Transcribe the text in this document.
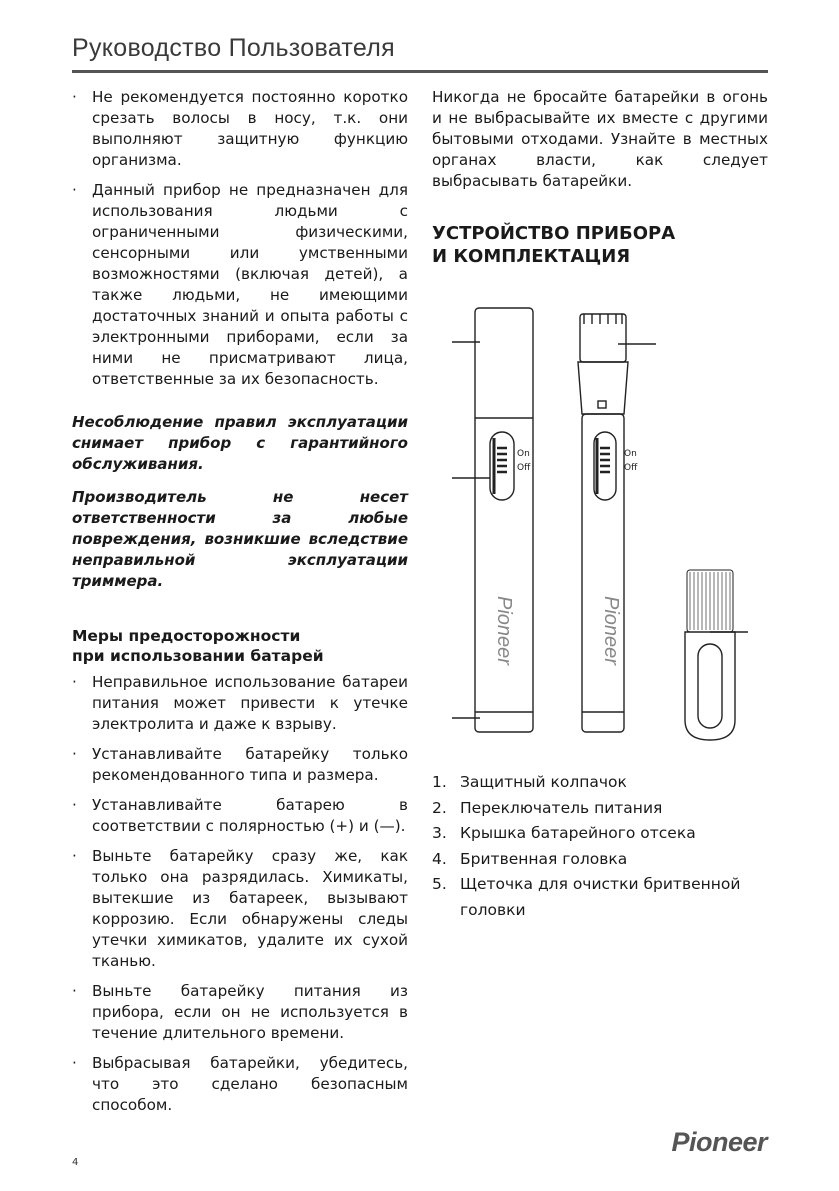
Руководство Пользователя
· Не рекомендуется постоянно коротко срезать волосы в носу, т.к. они выполняют защитную функцию организма.
· Данный прибор не предназначен для использования людьми с ограниченными физическими, сенсорными или умственными возможностями (включая детей), а также людьми, не имеющими достаточных знаний и опыта работы с электронными приборами, если за ними не присматривают лица, ответственные за их безопасность.

Несоблюдение правил эксплуатации снимает прибор с гарантийного обслуживания.

Производитель не несет ответственности за любые повреждения, возникшие вследствие неправильной эксплуатации триммера.

Меры предосторожности
при использовании батарей
· Неправильное использование батареи питания может привести к утечке электролита и даже к взрыву.
· Устанавливайте батарейку только рекомендованного типа и размера.
· Устанавливайте батарею в соответствии с полярностью (+) и (—).
· Выньте батарейку сразу же, как только она разрядилась. Химикаты, вытекшие из батареек, вызывают коррозию. Если обнаружены следы утечки химикатов, удалите их сухой тканью.
· Выньте батарейку питания из прибора, если он не используется в течение длительного времени.
· Выбрасывая батарейки, убедитесь, что это сделано безопасным способом.

Никогда не бросайте батарейки в огонь и не выбрасывайте их вместе с другими бытовыми отходами. Узнайте в местных органах власти, как следует выбрасывать батарейки.

УСТРОЙСТВО ПРИБОРА
И КОМПЛЕКТАЦИЯ
On
Off
On
Off
Pioneer	Pioneer
1. Защитный колпачок
2. Переключатель питания
3. Крышка батарейного отсека
4. Бритвенная головка
5. Щеточка для очистки бритвенной головки
4
Pioneer
